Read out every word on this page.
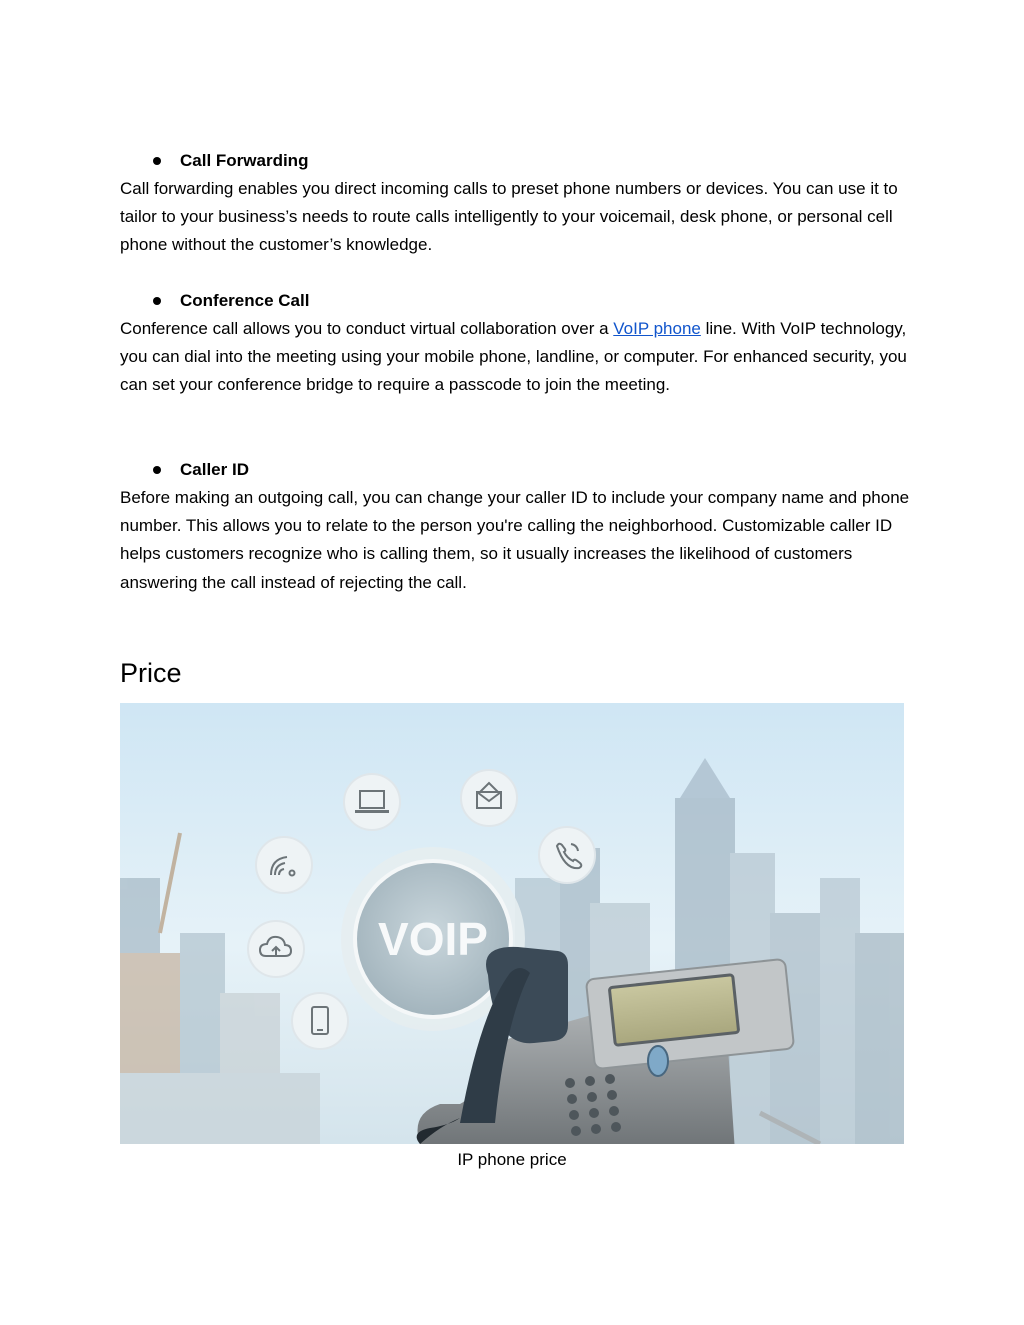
Call Forwarding

Call forwarding enables you direct incoming calls to preset phone numbers or devices. You can use it to tailor to your business’s needs to route calls intelligently to your voicemail, desk phone, or personal cell phone without the customer’s knowledge.

Conference Call

Conference call allows you to conduct virtual collaboration over a VoIP phone line. With VoIP technology, you can dial into the meeting using your mobile phone, landline, or computer. For enhanced security, you can set your conference bridge to require a passcode to join the meeting.

Caller ID

Before making an outgoing call, you can change your caller ID to include your company name and phone number. This allows you to relate to the person you're calling the neighborhood. Customizable caller ID helps customers recognize who is calling them, so it usually increases the likelihood of customers answering the call instead of rejecting the call.

Price
VOIP
IP phone price
